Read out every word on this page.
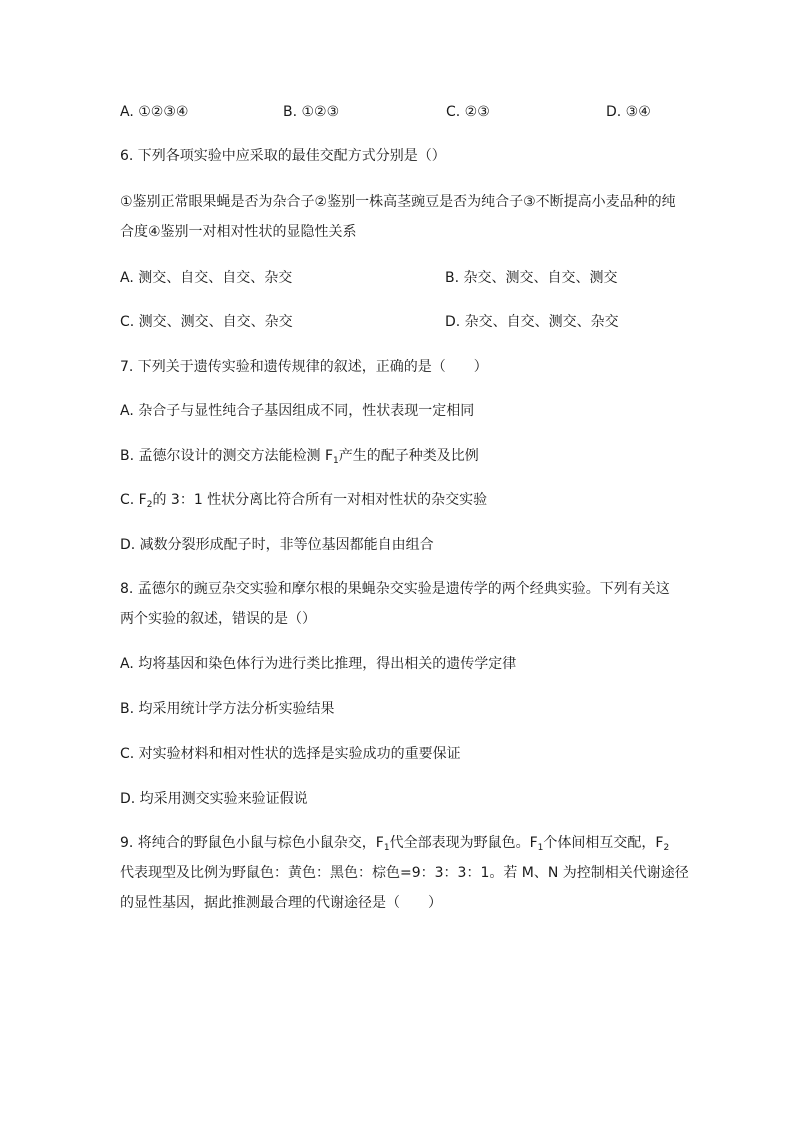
A. ①②③④	B. ①②③	C. ②③	D. ③④
6. 下列各项实验中应采取的最佳交配方式分别是（）
①鉴别正常眼果蝇是否为杂合子②鉴别一株高茎豌豆是否为纯合子③不断提高小麦品种的纯
合度④鉴别一对相对性状的显隐性关系
A. 测交、自交、自交、杂交	B. 杂交、测交、自交、测交
C. 测交、测交、自交、杂交	D. 杂交、自交、测交、杂交
7. 下列关于遗传实验和遗传规律的叙述，正确的是（　　）
A. 杂合子与显性纯合子基因组成不同，性状表现一定相同
B. 孟德尔设计的测交方法能检测 $F_1$产生的配子种类及比例
C. $F_2$的 3：1 性状分离比符合所有一对相对性状的杂交实验
D. 减数分裂形成配子时，非等位基因都能自由组合
8. 孟德尔的豌豆杂交实验和摩尔根的果蝇杂交实验是遗传学的两个经典实验。下列有关这
两个实验的叙述，错误的是（）
A. 均将基因和染色体行为进行类比推理，得出相关的遗传学定律
B. 均采用统计学方法分析实验结果
C. 对实验材料和相对性状的选择是实验成功的重要保证
D. 均采用测交实验来验证假说
9. 将纯合的野鼠色小鼠与棕色小鼠杂交，$F_1$代全部表现为野鼠色。$F_1$个体间相互交配，$F_2$
代表现型及比例为野鼠色：黄色：黑色：棕色=9：3：3：1。若 M、N 为控制相关代谢途径
的显性基因，据此推测最合理的代谢途径是（　　）
